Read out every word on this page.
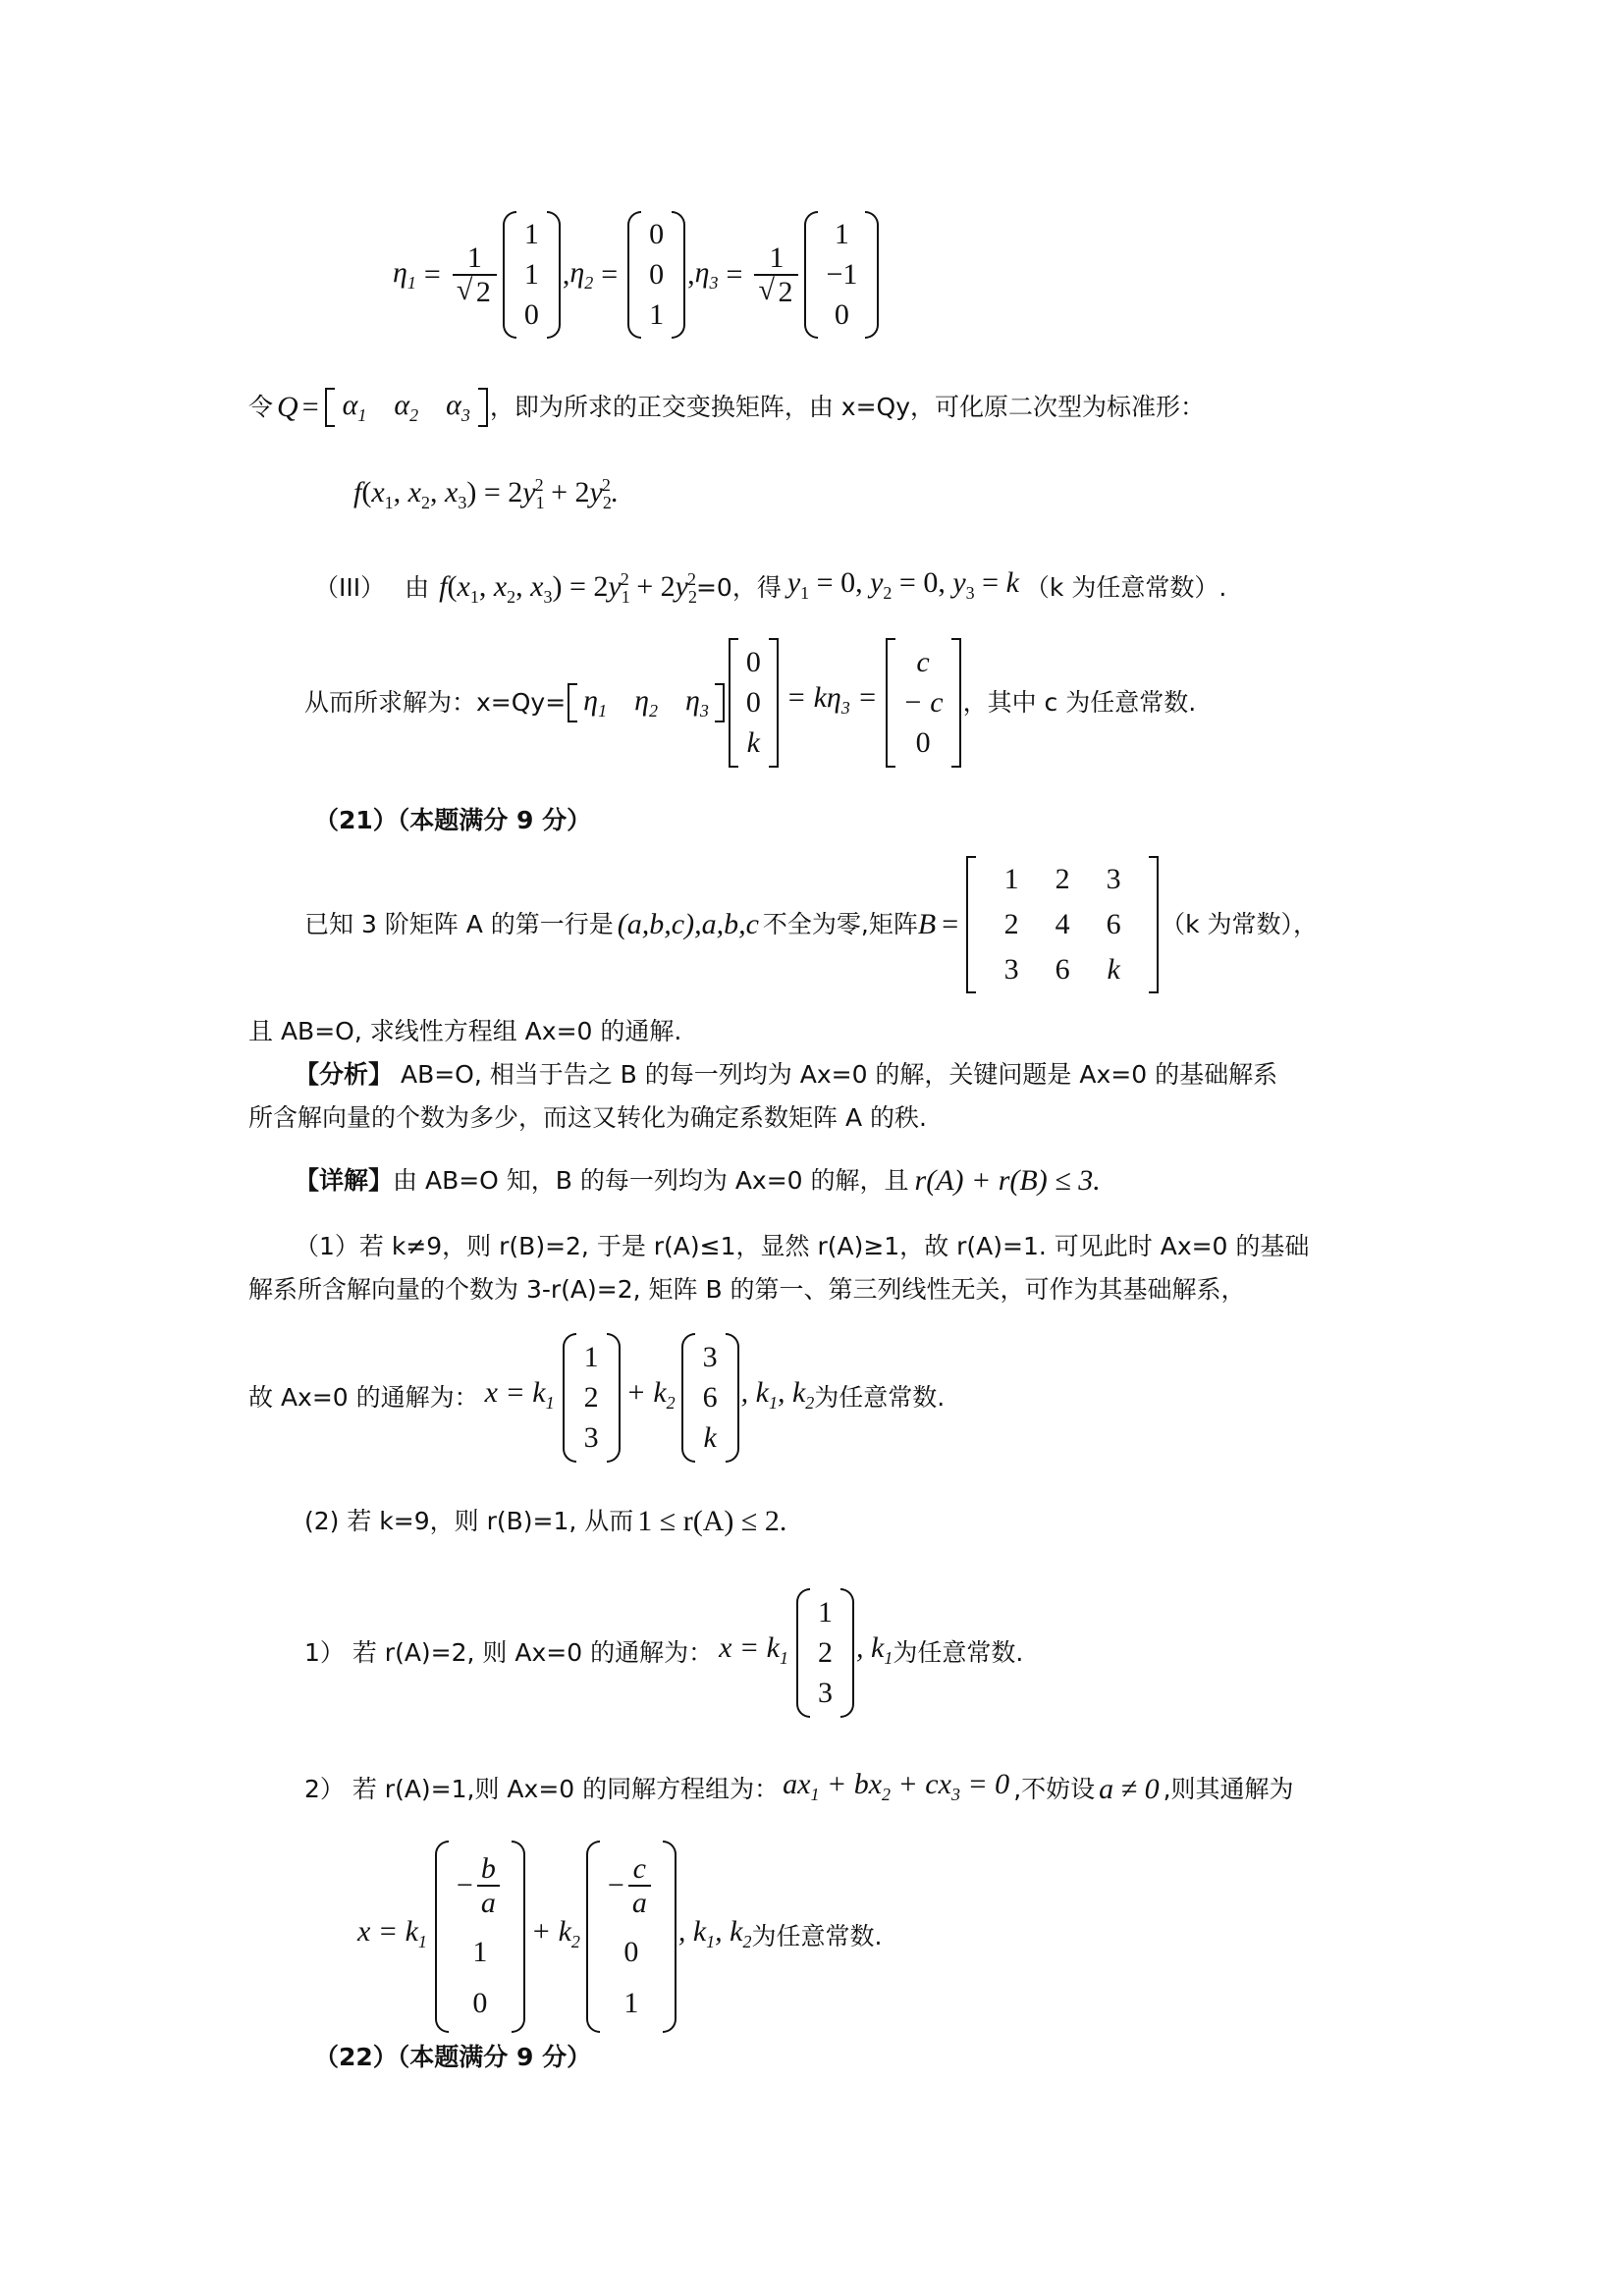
$\eta_1 = 1$
√ 2
1
1
0
, $\eta_2$ =
0
0
1
, $\eta_3 = 1$
√ 2
1
−1
0
令 $Q = \alpha_1$ $\alpha_2$ $\alpha_3$ ，即为所求的正交变换矩阵，由 x=Qy，可化原二次型为标准形：
$f(x_1$, $x_2$, $x_3) = 2y_1^2 + 2y_2^2$.
（III） 由 $f(x_1$, $x_2$, $x_3) = 2y_1^2 + 2y_2^2 =0$，得 $y_1 = 0$, $y_2 = 0$, $y_3 = k$ （k 为任意常数）.
从而所求解为：$x=Qy= \eta_1$ $\eta_2$ $\eta_3$
0
0
k
= $k\eta_3$ =
c
− c
0
，其中 c 为任意常数.
（21）（本题满分 9 分）
已知 3 阶矩阵 A 的第一行是 (a,b,c),a,b,c 不全为零,矩阵 B =
1	2	3
2	4	6
3	6	k
（k 为常数），
且 AB=O, 求线性方程组 Ax=0 的通解.
【分析】 AB=O, 相当于告之 B 的每一列均为 Ax=0 的解，关键问题是 Ax=0 的基础解系
所含解向量的个数为多少，而这又转化为确定系数矩阵 A 的秩.
【详解】 由 AB=O 知，B 的每一列均为 Ax=0 的解，且 r(A) + r(B) ≤ 3.
（1）若 k≠9，则 r(B)=2, 于是 r(A)≤1，显然 r(A)≥1，故 r(A)=1. 可见此时 Ax=0 的基础
解系所含解向量的个数为 3-r(A)=2, 矩阵 B 的第一、第三列线性无关，可作为其基础解系，
故 Ax=0 的通解为： $x = k_1$
1
2
3
+ $k_2$
3
6
k
, $k_1$, $k_2$ 为任意常数.
(2) 若 k=9，则 r(B)=1, 从而 1 ≤ r(A) ≤ 2.
1） 若 r(A)=2, 则 Ax=0 的通解为： $x = k_1$
1
2
3
, $k_1$ 为任意常数.
2） 若 r(A)=1,则 Ax=0 的同解方程组为： $ax_1 + bx_2 + cx_3 = 0$ ,不妨设 a ≠ 0 ,则其通解为
$x = k_1$
− $\frac{b}{a}$
1
0
+ $k_2$
− $\frac{c}{a}$
0
1
, $k_1$, $k_2$ 为任意常数.
（22）（本题满分 9 分）
